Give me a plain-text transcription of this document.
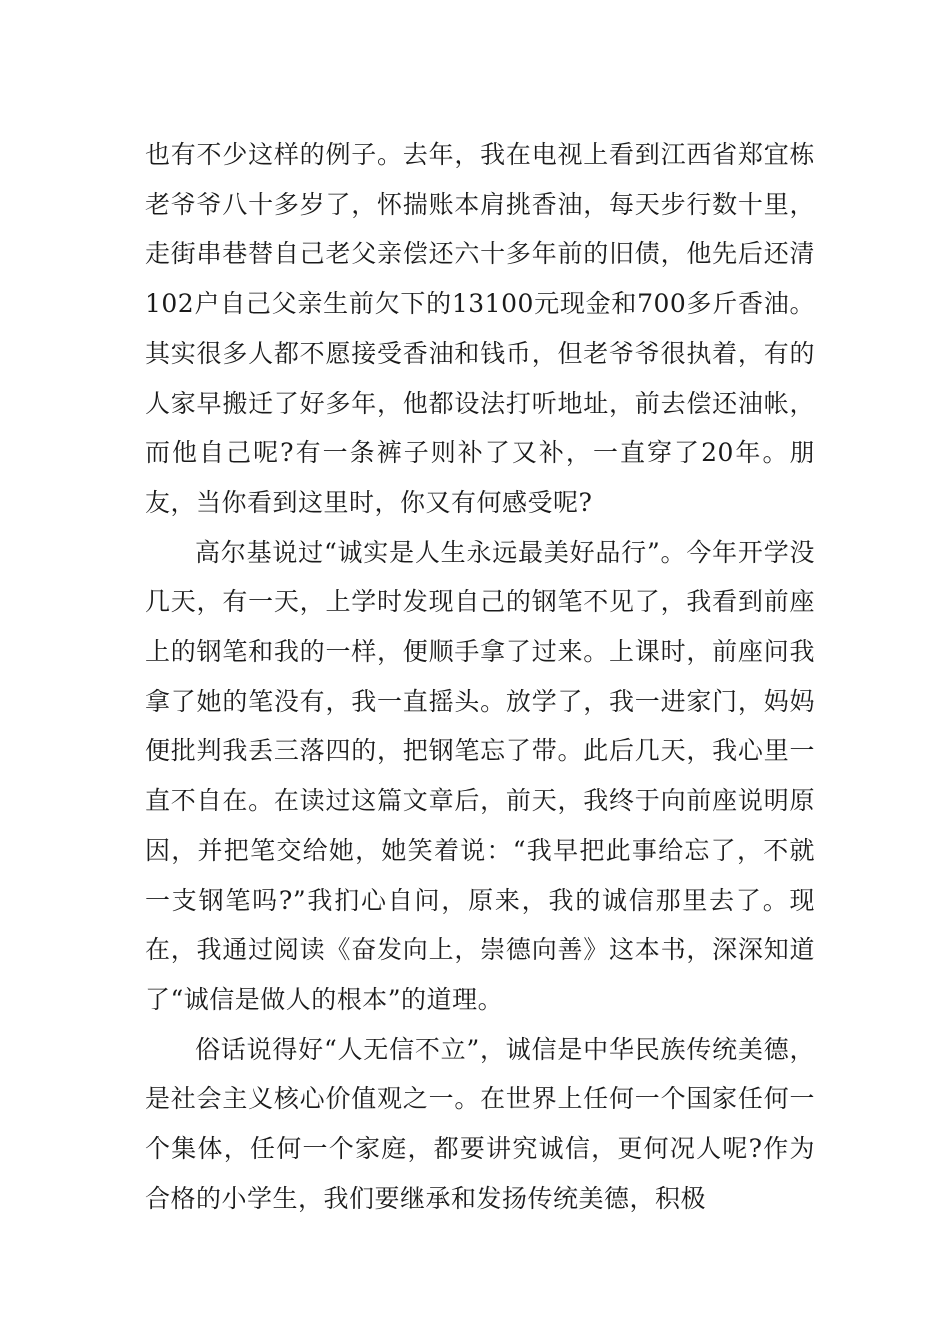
也有不少这样的例子。去年，我在电视上看到江西省郑宜栋老爷爷八十多岁了，怀揣账本肩挑香油，每天步行数十里，走街串巷替自己老父亲偿还六十多年前的旧债，他先后还清102户自己父亲生前欠下的13100元现金和700多斤香油。其实很多人都不愿接受香油和钱币，但老爷爷很执着，有的人家早搬迁了好多年，他都设法打听地址，前去偿还油帐，而他自己呢?有一条裤子则补了又补，一直穿了20年。朋友，当你看到这里时，你又有何感受呢?

高尔基说过“诚实是人生永远最美好品行”。今年开学没几天，有一天，上学时发现自己的钢笔不见了，我看到前座上的钢笔和我的一样，便顺手拿了过来。上课时，前座问我拿了她的笔没有，我一直摇头。放学了，我一进家门，妈妈便批判我丢三落四的，把钢笔忘了带。此后几天，我心里一直不自在。在读过这篇文章后，前天，我终于向前座说明原因，并把笔交给她，她笑着说：“我早把此事给忘了，不就一支钢笔吗?”我扪心自问，原来，我的诚信那里去了。现在，我通过阅读《奋发向上，崇德向善》这本书，深深知道了“诚信是做人的根本”的道理。

俗话说得好“人无信不立”，诚信是中华民族传统美德，是社会主义核心价值观之一。在世界上任何一个国家任何一个集体，任何一个家庭，都要讲究诚信，更何况人呢?作为合格的小学生，我们要继承和发扬传统美德，积极
